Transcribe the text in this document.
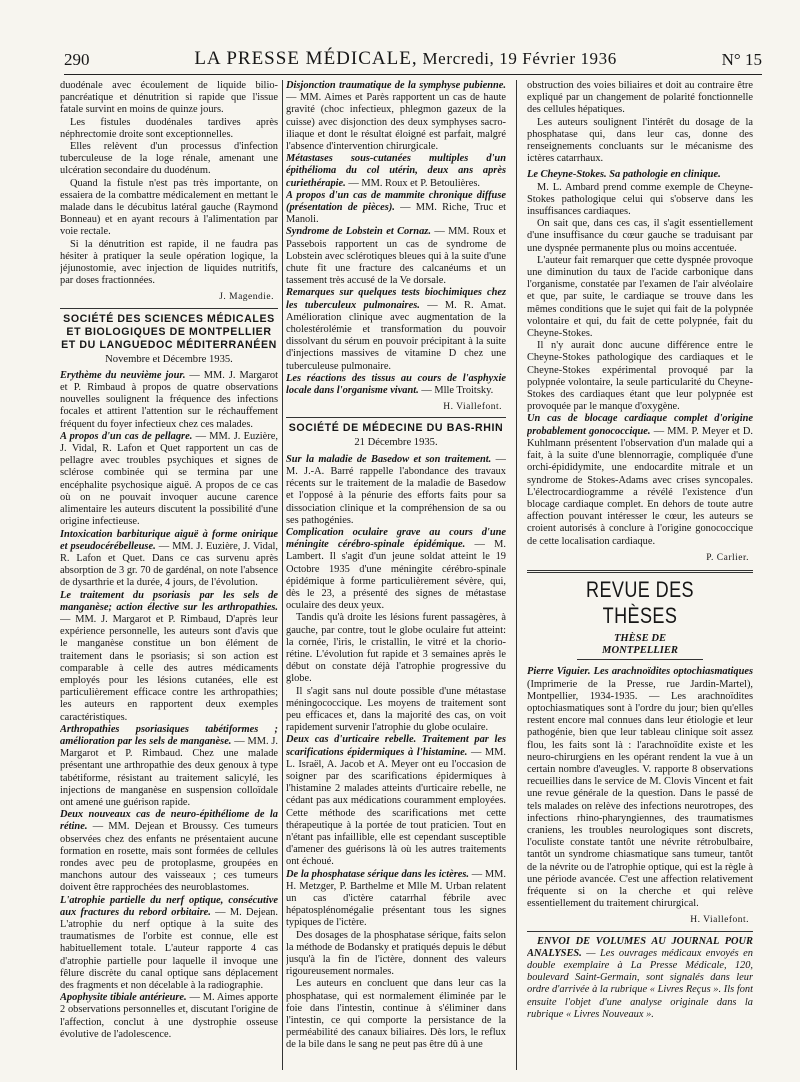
290	LA PRESSE MÉDICALE, Mercredi, 19 Février 1936	N° 15

duodénale avec écoulement de liquide bilio-pancréatique et dénutrition si rapide que l'issue fatale survint en moins de quinze jours.

Les fistules duodénales tardives après néphrectomie droite sont exceptionnelles.

Elles relèvent d'un processus d'infection tuberculeuse de la loge rénale, amenant une ulcération secondaire du duodénum.

Quand la fistule n'est pas très importante, on essaiera de la combattre médicalement en mettant le malade dans le décubitus latéral gauche (Raymond Bonneau) et en ayant recours à l'alimentation par voie rectale.

Si la dénutrition est rapide, il ne faudra pas hésiter à pratiquer la seule opération logique, la jéjunostomie, avec injection de liquides nutritifs, par doses fractionnées.

J. Magendie.

SOCIÉTÉ DES SCIENCES MÉDICALES ET BIOLOGIQUES DE MONTPELLIER ET DU LANGUEDOC MÉDITERRANÉEN
Novembre et Décembre 1935.

Erythème du neuvième jour. — MM. J. Margarot et P. Rimbaud à propos de quatre observations nouvelles soulignent la fréquence des infections focales et attirent l'attention sur le réchauffement fréquent du foyer infectieux chez ces malades.

A propos d'un cas de pellagre. — MM. J. Euzière, J. Vidal, R. Lafon et Quet rapportent un cas de pellagre avec troubles psychiques et signes de sclérose combinée qui se termina par une encéphalite psychosique aiguë. A propos de ce cas où on ne pouvait invoquer aucune carence alimentaire les auteurs discutent la possibilité d'une origine infectieuse.

Intoxication barbiturique aiguë à forme onirique et pseudocérébelleuse. — MM. J. Euzière, J. Vidal, R. Lafon et Quet. Dans ce cas survenu après absorption de 3 gr. 70 de gardénal, on note l'absence de dysarthrie et la durée, 4 jours, de l'évolution.

Le traitement du psoriasis par les sels de manganèse; action élective sur les arthropathies. — MM. J. Margarot et P. Rimbaud, D'après leur expérience personnelle, les auteurs sont d'avis que le manganèse constitue un bon élément de traitement dans le psoriasis; si son action est comparable à celle des autres médicaments employés pour les lésions cutanées, elle est particulièrement efficace contre les arthropathies; les auteurs en rapportent deux exemples caractéristiques.

Arthropathies psoriasiques tabétiformes ; amélioration par les sels de manganèse. — MM. J. Margarot et P. Rimbaud. Chez une malade présentant une arthropathie des deux genoux à type tabétiforme, résistant au traitement salicylé, les injections de manganèse en suspension colloïdale ont amené une guérison rapide.

Deux nouveaux cas de neuro-épithéliome de la rétine. — MM. Dejean et Broussy. Ces tumeurs observées chez des enfants ne présentaient aucune formation en rosette, mais sont formées de cellules rondes avec peu de protoplasme, groupées en manchons autour des vaisseaux ; ces tumeurs doivent être rapprochées des neuroblastomes.

L'atrophie partielle du nerf optique, consécutive aux fractures du rebord orbitaire. — M. Dejean. L'atrophie du nerf optique à la suite des traumatismes de l'orbite est connue, elle est habituellement totale. L'auteur rapporte 4 cas d'atrophie partielle pour laquelle il invoque une fêlure discrète du canal optique sans déplacement des fragments et non décelable à la radiographie.

Apophysite tibiale antérieure. — M. Aimes apporte 2 observations personnelles et, discutant l'origine de l'affection, conclut à une dystrophie osseuse évolutive de l'adolescence.

Disjonction traumatique de la symphyse pubienne. — MM. Aimes et Parès rapportent un cas de haute gravité (choc infectieux, phlegmon gazeux de la cuisse) avec disjonction des deux symphyses sacro-iliaque et dont le résultat éloigné est parfait, malgré l'absence d'intervention chirurgicale.

Métastases sous-cutanées multiples d'un épithélioma du col utérin, deux ans après curiethérapie. — MM. Roux et P. Betoulières.

A propos d'un cas de mammite chronique diffuse (présentation de pièces). — MM. Riche, Truc et Manoli.

Syndrome de Lobstein et Cornaz. — MM. Roux et Passebois rapportent un cas de syndrome de Lobstein avec sclérotiques bleues qui à la suite d'une chute fit une fracture des calcanéums et un tassement très accusé de la Ve dorsale.

Remarques sur quelques tests biochimiques chez les tuberculeux pulmonaires. — M. R. Amat. Amélioration clinique avec augmentation de la cholestérolémie et transformation du pouvoir dissolvant du sérum en pouvoir précipitant à la suite d'injections massives de vitamine D chez une tuberculeuse pulmonaire.

Les réactions des tissus au cours de l'asphyxie locale dans l'organisme vivant. — Mlle Troitsky.

H. Viallefont.

SOCIÉTÉ DE MÉDECINE DU BAS-RHIN
21 Décembre 1935.

Sur la maladie de Basedow et son traitement. — M. J.-A. Barré rappelle l'abondance des travaux récents sur le traitement de la maladie de Basedow et l'opposé à la pénurie des efforts faits pour sa dissociation clinique et la compréhension de sa ou ses pathogénies.

Complication oculaire grave au cours d'une méningite cérébro-spinale épidémique. — M. Lambert. Il s'agit d'un jeune soldat atteint le 19 Octobre 1935 d'une méningite cérébro-spinale épidémique à forme particulièrement sévère, qui, dès le 23, a présenté des signes de métastase oculaire des deux yeux.

Tandis qu'à droite les lésions furent passagères, à gauche, par contre, tout le globe oculaire fut atteint: la cornée, l'iris, le cristallin, le vitré et la chorio-rétine. L'évolution fut rapide et 3 semaines après le début on constate déjà l'atrophie progressive du globe.

Il s'agit sans nul doute possible d'une métastase méningococcique. Les moyens de traitement sont peu efficaces et, dans la majorité des cas, on voit rapidement survenir l'atrophie du globe oculaire.

Deux cas d'urticaire rebelle. Traitement par les scarifications épidermiques à l'histamine. — MM. L. Israël, A. Jacob et A. Meyer ont eu l'occasion de soigner par des scarifications épidermiques à l'histamine 2 malades atteints d'urticaire rebelle, ne cédant pas aux médications couramment employées. Cette méthode des scarifications met cette thérapeutique à la portée de tout praticien. Tout en n'étant pas infaillible, elle est cependant susceptible d'amener des guérisons là où les autres traitements ont échoué.

De la phosphatase sérique dans les ictères. — MM. H. Metzger, P. Barthelme et Mlle M. Urban relatent un cas d'ictère catarrhal fébrile avec hépatosplénomégalie présentant tous les signes typiques de l'ictère.

Des dosages de la phosphatase sérique, faits selon la méthode de Bodansky et pratiqués depuis le début jusqu'à la fin de l'ictère, donnent des valeurs rigoureusement normales.

Les auteurs en concluent que dans leur cas la phosphatase, qui est normalement éliminée par le foie dans l'intestin, continue à s'éliminer dans l'intestin, ce qui comporte la persistance de la perméabilité des canaux biliaires. Dès lors, le reflux de la bile dans le sang ne peut pas être dû à une

obstruction des voies biliaires et doit au contraire être expliqué par un changement de polarité fonctionnelle des cellules hépatiques.

Les auteurs soulignent l'intérêt du dosage de la phosphatase qui, dans leur cas, donne des renseignements concluants sur le mécanisme des ictères catarrhaux.

Le Cheyne-Stokes. Sa pathologie en clinique.

M. L. Ambard prend comme exemple de Cheyne-Stokes pathologique celui qui s'observe dans les insuffisances cardiaques.

On sait que, dans ces cas, il s'agit essentiellement d'une insuffisance du cœur gauche se traduisant par une dyspnée permanente plus ou moins accentuée.

L'auteur fait remarquer que cette dyspnée provoque une diminution du taux de l'acide carbonique dans l'organisme, constatée par l'examen de l'air alvéolaire et que, par suite, le cardiaque se trouve dans les mêmes conditions que le sujet qui fait de la polypnée volontaire et qui, du fait de cette polypnée, fait du Cheyne-Stokes.

Il n'y aurait donc aucune différence entre le Cheyne-Stokes pathologique des cardiaques et le Cheyne-Stokes expérimental provoqué par la polypnée volontaire, la seule particularité du Cheyne-Stokes des cardiaques étant que leur polypnée est provoquée par le manque d'oxygène.

Un cas de blocage cardiaque complet d'origine probablement gonococcique. — MM. P. Meyer et D. Kuhlmann présentent l'observation d'un malade qui a fait, à la suite d'une blennorragie, compliquée d'une orchi-épididymite, une endocardite mitrale et un syndrome de Stokes-Adams avec crises syncopales. L'électrocardiogramme a révélé l'existence d'un blocage cardiaque complet. En dehors de toute autre affection pouvant intéresser le cœur, les auteurs se croient autorisés à conclure à l'origine gonococcique de cette localisation cardiaque.

P. Carlier.

REVUE DES THÈSES
THÈSE DE MONTPELLIER

Pierre Viguier. Les arachnoïdites optochiasmatiques (Imprimerie de la Presse, rue Jardin-Martel), Montpellier, 1934-1935. — Les arachnoïdites optochiasmatiques sont à l'ordre du jour; bien qu'elles restent encore mal connues dans leur étiologie et leur pathogénie, bien que leur tableau clinique soit assez flou, les faits sont là : l'arachnoïdite existe et les neuro-chirurgiens en les opérant rendent la vue à un certain nombre d'aveugles. V. rapporte 8 observations recueillies dans le service de M. Clovis Vincent et fait une revue générale de la question. Dans le passé de tels malades on relève des infections neurotropes, des infections rhino-pharyngiennes, des traumatismes craniens, les troubles neurologiques sont discrets, l'oculiste constate tantôt une névrite rétrobulbaire, tantôt un syndrome chiasmatique sans tumeur, tantôt de la névrite ou de l'atrophie optique, qui est la règle à une période avancée. C'est une affection relativement fréquente si on la cherche et qui relève essentiellement du traitement chirurgical.

H. Viallefont.

ENVOI DE VOLUMES AU JOURNAL POUR ANALYSES. — Les ouvrages médicaux envoyés en double exemplaire à La Presse Médicale, 120, boulevard Saint-Germain, sont signalés dans leur ordre d'arrivée à la rubrique « Livres Reçus ». Ils font ensuite l'objet d'une analyse originale dans la rubrique « Livres Nouveaux ».
